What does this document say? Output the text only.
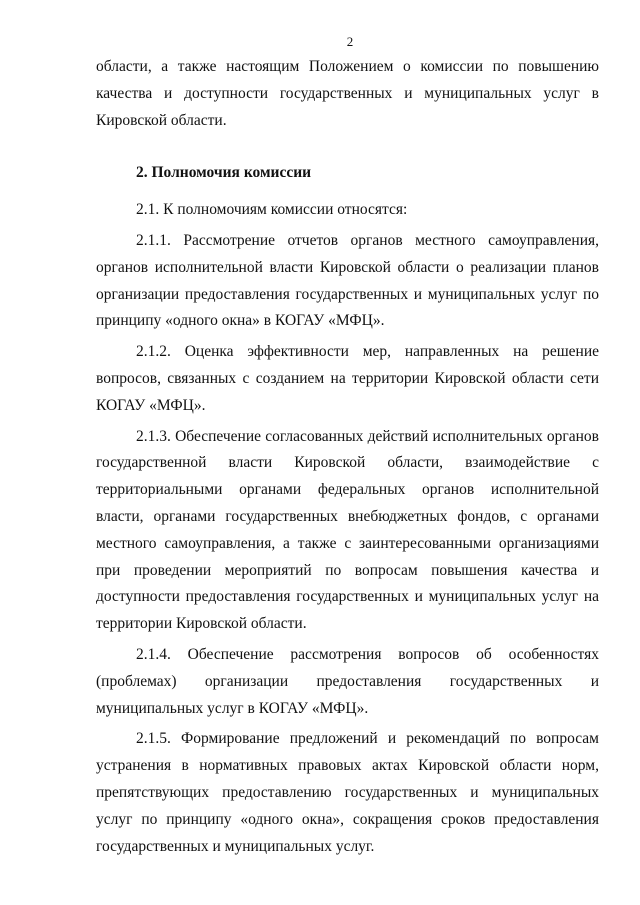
2

области, а также настоящим Положением о комиссии по повышению качества и доступности государственных и муниципальных услуг в Кировской области.

2. Полномочия комиссии

2.1. К полномочиям комиссии относятся:

2.1.1. Рассмотрение отчетов органов местного самоуправления, органов исполнительной власти Кировской области о реализации планов организации предоставления государственных и муниципальных услуг по принципу «одного окна» в КОГАУ «МФЦ».

2.1.2. Оценка эффективности мер, направленных на решение вопросов, связанных с созданием на территории Кировской области сети КОГАУ «МФЦ».

2.1.3. Обеспечение согласованных действий исполнительных органов государственной власти Кировской области, взаимодействие с территориальными органами федеральных органов исполнительной власти, органами государственных внебюджетных фондов, с органами местного самоуправления, а также с заинтересованными организациями при проведении мероприятий по вопросам повышения качества и доступности предоставления государственных и муниципальных услуг на территории Кировской области.

2.1.4. Обеспечение рассмотрения вопросов об особенностях (проблемах) организации предоставления государственных и муниципальных услуг в КОГАУ «МФЦ».

2.1.5. Формирование предложений и рекомендаций по вопросам устранения в нормативных правовых актах Кировской области норм, препятствующих предоставлению государственных и муниципальных услуг по принципу «одного окна», сокращения сроков предоставления государственных и муниципальных услуг.
